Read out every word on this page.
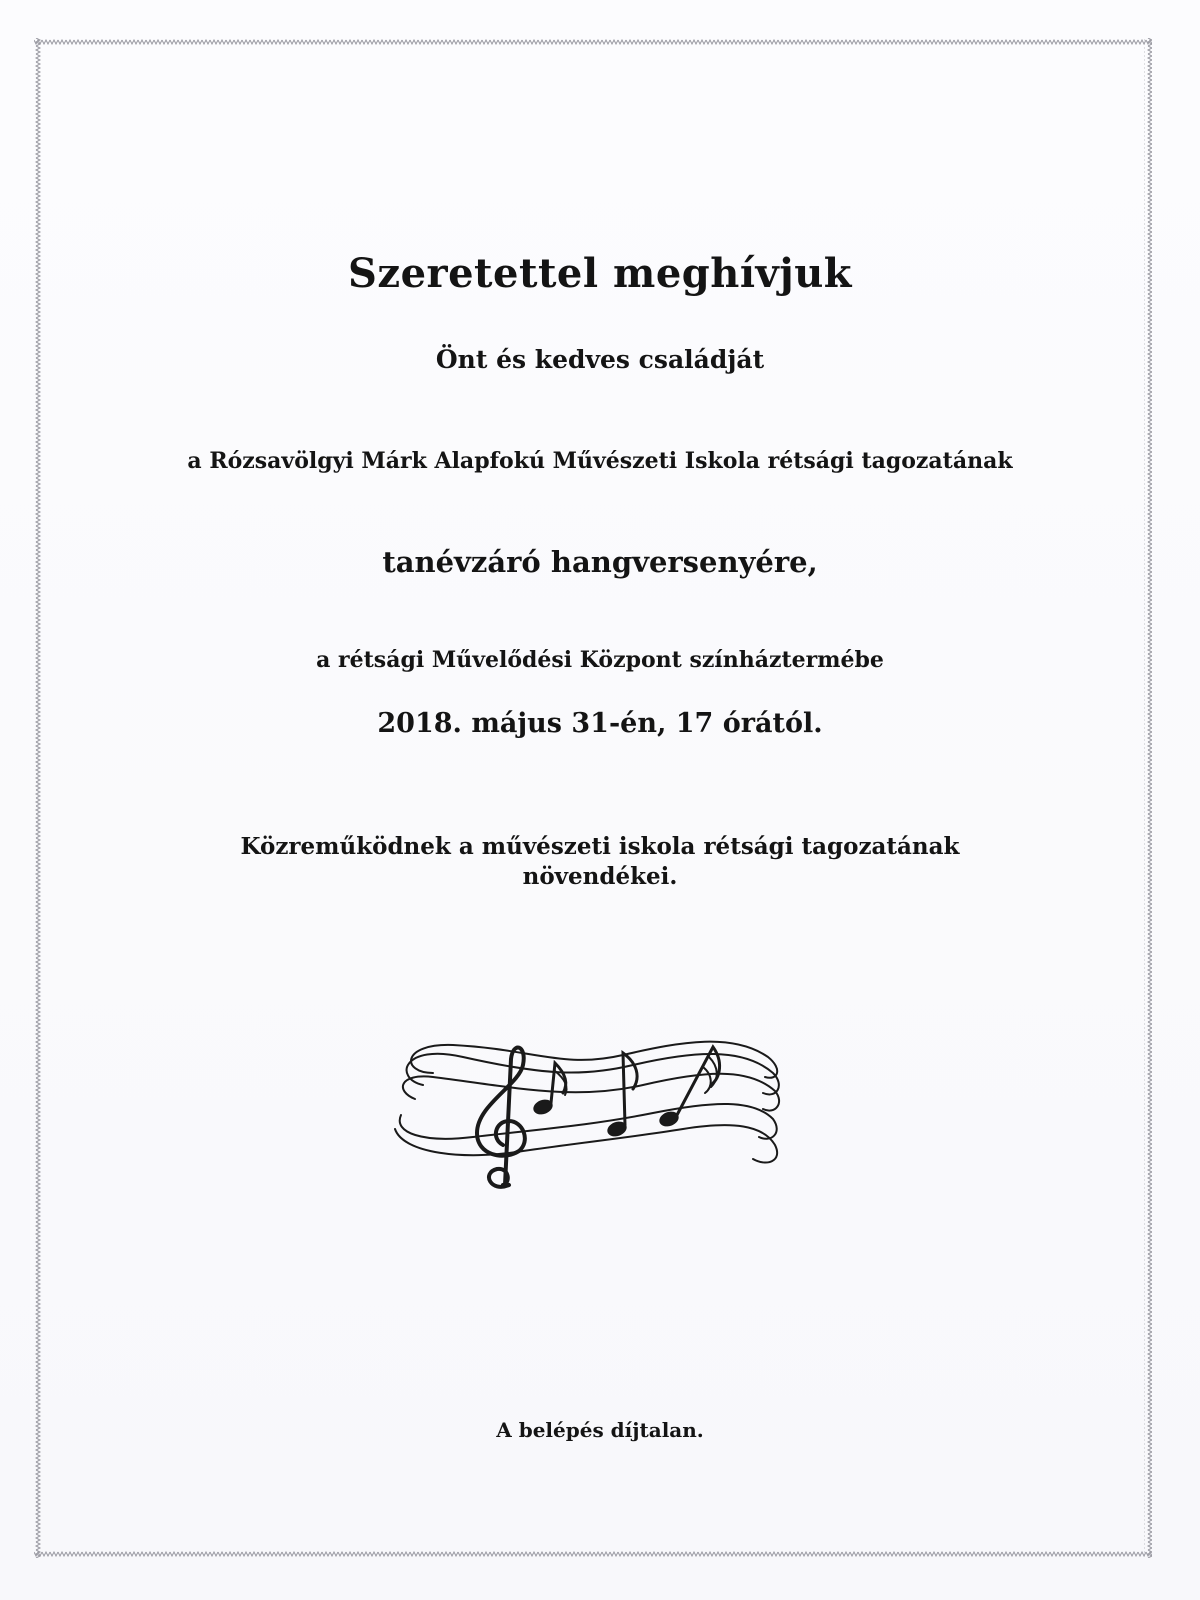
Szeretettel meghívjuk
Önt és kedves családját
a Rózsavölgyi Márk Alapfokú Művészeti Iskola rétsági tagozatának
tanévzáró hangversenyére,
a rétsági Művelődési Központ színháztermébe
2018. május 31-én, 17 órától.
Közreműködnek a művészeti iskola rétsági tagozatának növendékei.
A belépés díjtalan.
